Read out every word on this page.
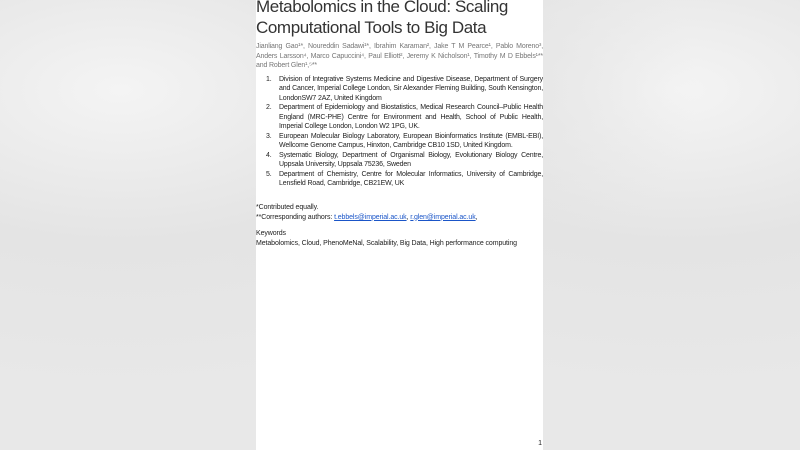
Metabolomics in the Cloud: Scaling
Computational Tools to Big Data
Jianliang Gao¹*, Noureddin Sadawi¹*, Ibrahim Karaman², Jake T M Pearce¹, Pablo Moreno³, Anders Larsson⁴, Marco Capuccini⁴, Paul Elliott², Jeremy K Nicholson¹, Timothy M D Ebbels¹** and Robert Glen¹,⁵**
1.	Division of Integrative Systems Medicine and Digestive Disease, Department of Surgery and Cancer, Imperial College London, Sir Alexander Fleming Building, South Kensington, LondonSW7 2AZ, United Kingdom
2.	Department of Epidemiology and Biostatistics, Medical Research Council–Public Health England (MRC-PHE) Centre for Environment and Health, School of Public Health, Imperial College London, London W2 1PG, UK.
3.	European Molecular Biology Laboratory, European Bioinformatics Institute (EMBL-EBI), Wellcome Genome Campus, Hinxton, Cambridge CB10 1SD, United Kingdom.
4.	Systematic Biology, Department of Organismal Biology, Evolutionary Biology Centre, Uppsala University, Uppsala 75236, Sweden
5.	Department of Chemistry, Centre for Molecular Informatics, University of Cambridge, Lensfield Road, Cambridge, CB21EW, UK
*Contributed equally.
**Corresponding authors: t.ebbels@imperial.ac.uk, r.glen@imperial.ac.uk,
Keywords
Metabolomics, Cloud, PhenoMeNal, Scalability, Big Data, High performance computing
1
